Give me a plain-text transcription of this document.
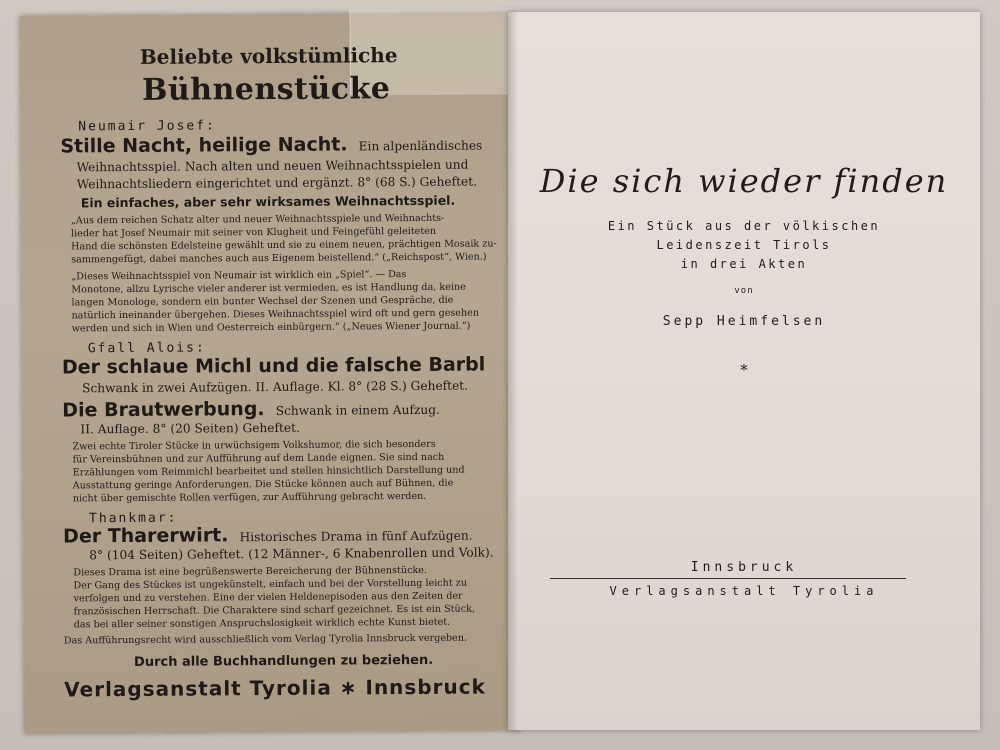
Beliebte volkstümliche
Bühnenstücke
Neumair Josef:
Stille Nacht, heilige Nacht. Ein alpenländisches
Weihnachtsspiel. Nach alten und neuen Weihnachtsspielen und
Weihnachtsliedern eingerichtet und ergänzt. 8° (68 S.) Geheftet.
Ein einfaches, aber sehr wirksames Weihnachtsspiel.
„Aus dem reichen Schatz alter und neuer Weihnachtsspiele und Weihnachts-
lieder hat Josef Neumair mit seiner von Klugheit und Feingefühl geleiteten
Hand die schönsten Edelsteine gewählt und sie zu einem neuen, prächtigen Mosaik zu-
sammengefügt, dabei manches auch aus Eigenem beistellend.“ („Reichspost“, Wien.)
„Dieses Weihnachtsspiel von Neumair ist wirklich ein „Spiel“. — Das
Monotone, allzu Lyrische vieler anderer ist vermieden, es ist Handlung da, keine
langen Monologe, sondern ein bunter Wechsel der Szenen und Gespräche, die
natürlich ineinander übergehen. Dieses Weihnachtsspiel wird oft und gern gesehen
werden und sich in Wien und Oesterreich einbürgern.“ („Neues Wiener Journal.“)
Gfall Alois:
Der schlaue Michl und die falsche Barbl
Schwank in zwei Aufzügen. II. Auflage. Kl. 8° (28 S.) Geheftet.
Die Brautwerbung. Schwank in einem Aufzug.
II. Auflage. 8° (20 Seiten) Geheftet.
Zwei echte Tiroler Stücke in urwüchsigem Volkshumor, die sich besonders
für Vereinsbühnen und zur Aufführung auf dem Lande eignen. Sie sind nach
Erzählungen vom Reimmichl bearbeitet und stellen hinsichtlich Darstellung und
Ausstattung geringe Anforderungen. Die Stücke können auch auf Bühnen, die
nicht über gemischte Rollen verfügen, zur Aufführung gebracht werden.
Thankmar:
Der Tharerwirt. Historisches Drama in fünf Aufzügen.
8° (104 Seiten) Geheftet. (12 Männer-, 6 Knabenrollen und Volk).
Dieses Drama ist eine begrüßenswerte Bereicherung der Bühnenstücke.
Der Gang des Stückes ist ungekünstelt, einfach und bei der Vorstellung leicht zu
verfolgen und zu verstehen. Eine der vielen Heldenepisoden aus den Zeiten der
französischen Herrschaft. Die Charaktere sind scharf gezeichnet. Es ist ein Stück,
das bei aller seiner sonstigen Anspruchslosigkeit wirklich echte Kunst bietet.
Das Aufführungsrecht wird ausschließlich vom Verlag Tyrolia Innsbruck vergeben.
Durch alle Buchhandlungen zu beziehen.
Verlagsanstalt Tyrolia ∗ Innsbruck
Die sich wieder finden
Ein Stück aus der völkischen
Leidenszeit Tirols
in drei Akten
von
Sepp Heimfelsen
∗
Innsbruck
Verlagsanstalt Tyrolia
